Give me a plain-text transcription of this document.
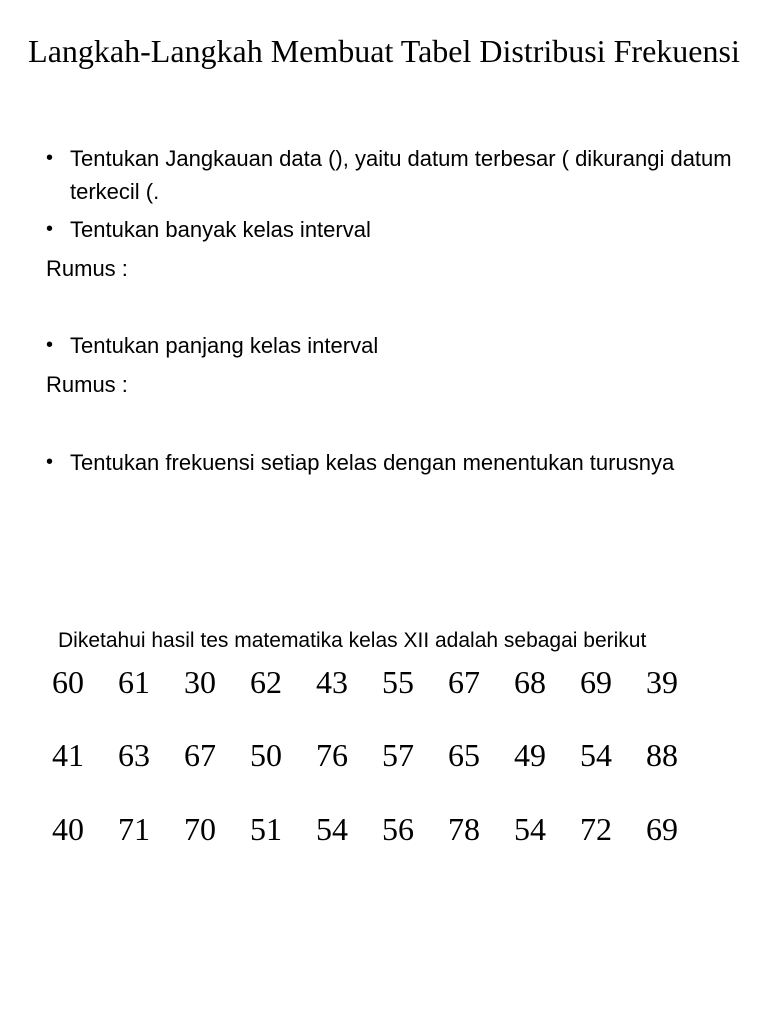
Langkah-Langkah Membuat Tabel Distribusi Frekuensi
• Tentukan Jangkauan data (), yaitu datum terbesar ( dikurangi datum terkecil (.
• Tentukan banyak kelas interval
Rumus :
• Tentukan panjang kelas interval
Rumus :
• Tentukan frekuensi setiap kelas dengan menentukan turusnya
Diketahui hasil tes matematika kelas XII adalah sebagai berikut
60	61	30	62	43	55	67	68	69	39
41	63	67	50	76	57	65	49	54	88
40	71	70	51	54	56	78	54	72	69
